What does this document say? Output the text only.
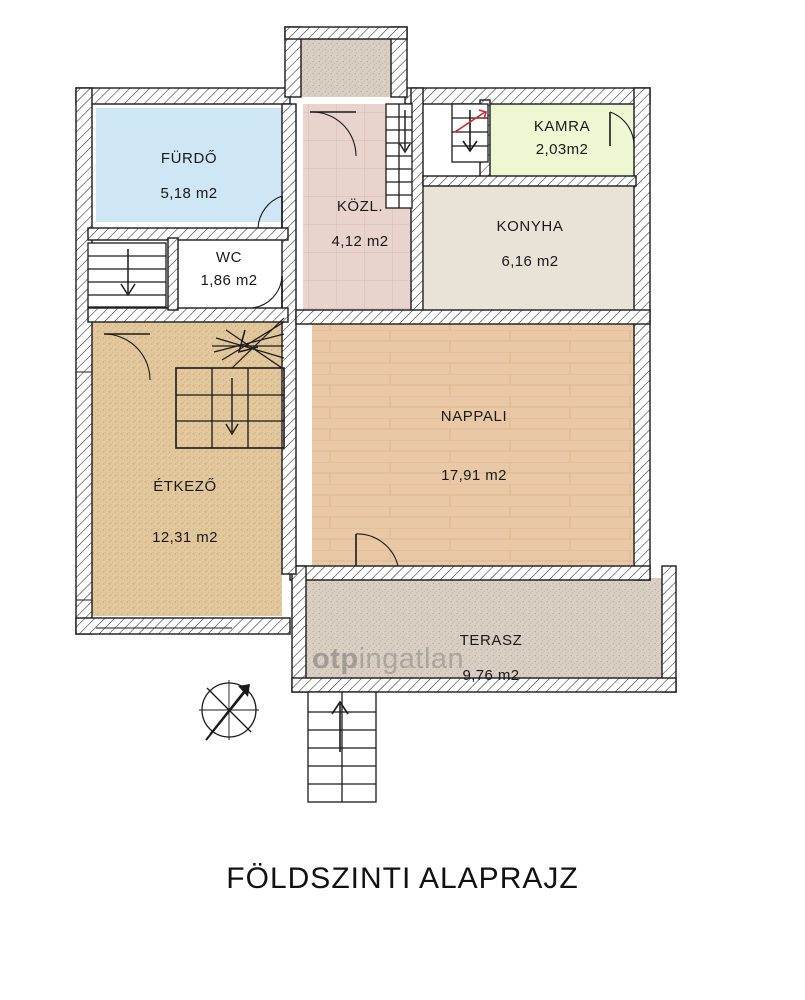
FÜRDŐ
5,18 m2
WC
1,86 m2
KÖZL.
4,12 m2
KAMRA
2,03m2
KONYHA
6,16 m2
NAPPALI
17,91 m2
ÉTKEZŐ
12,31 m2
TERASZ
9,76 m2
otpingatlan
FÖLDSZINTI ALAPRAJZ
